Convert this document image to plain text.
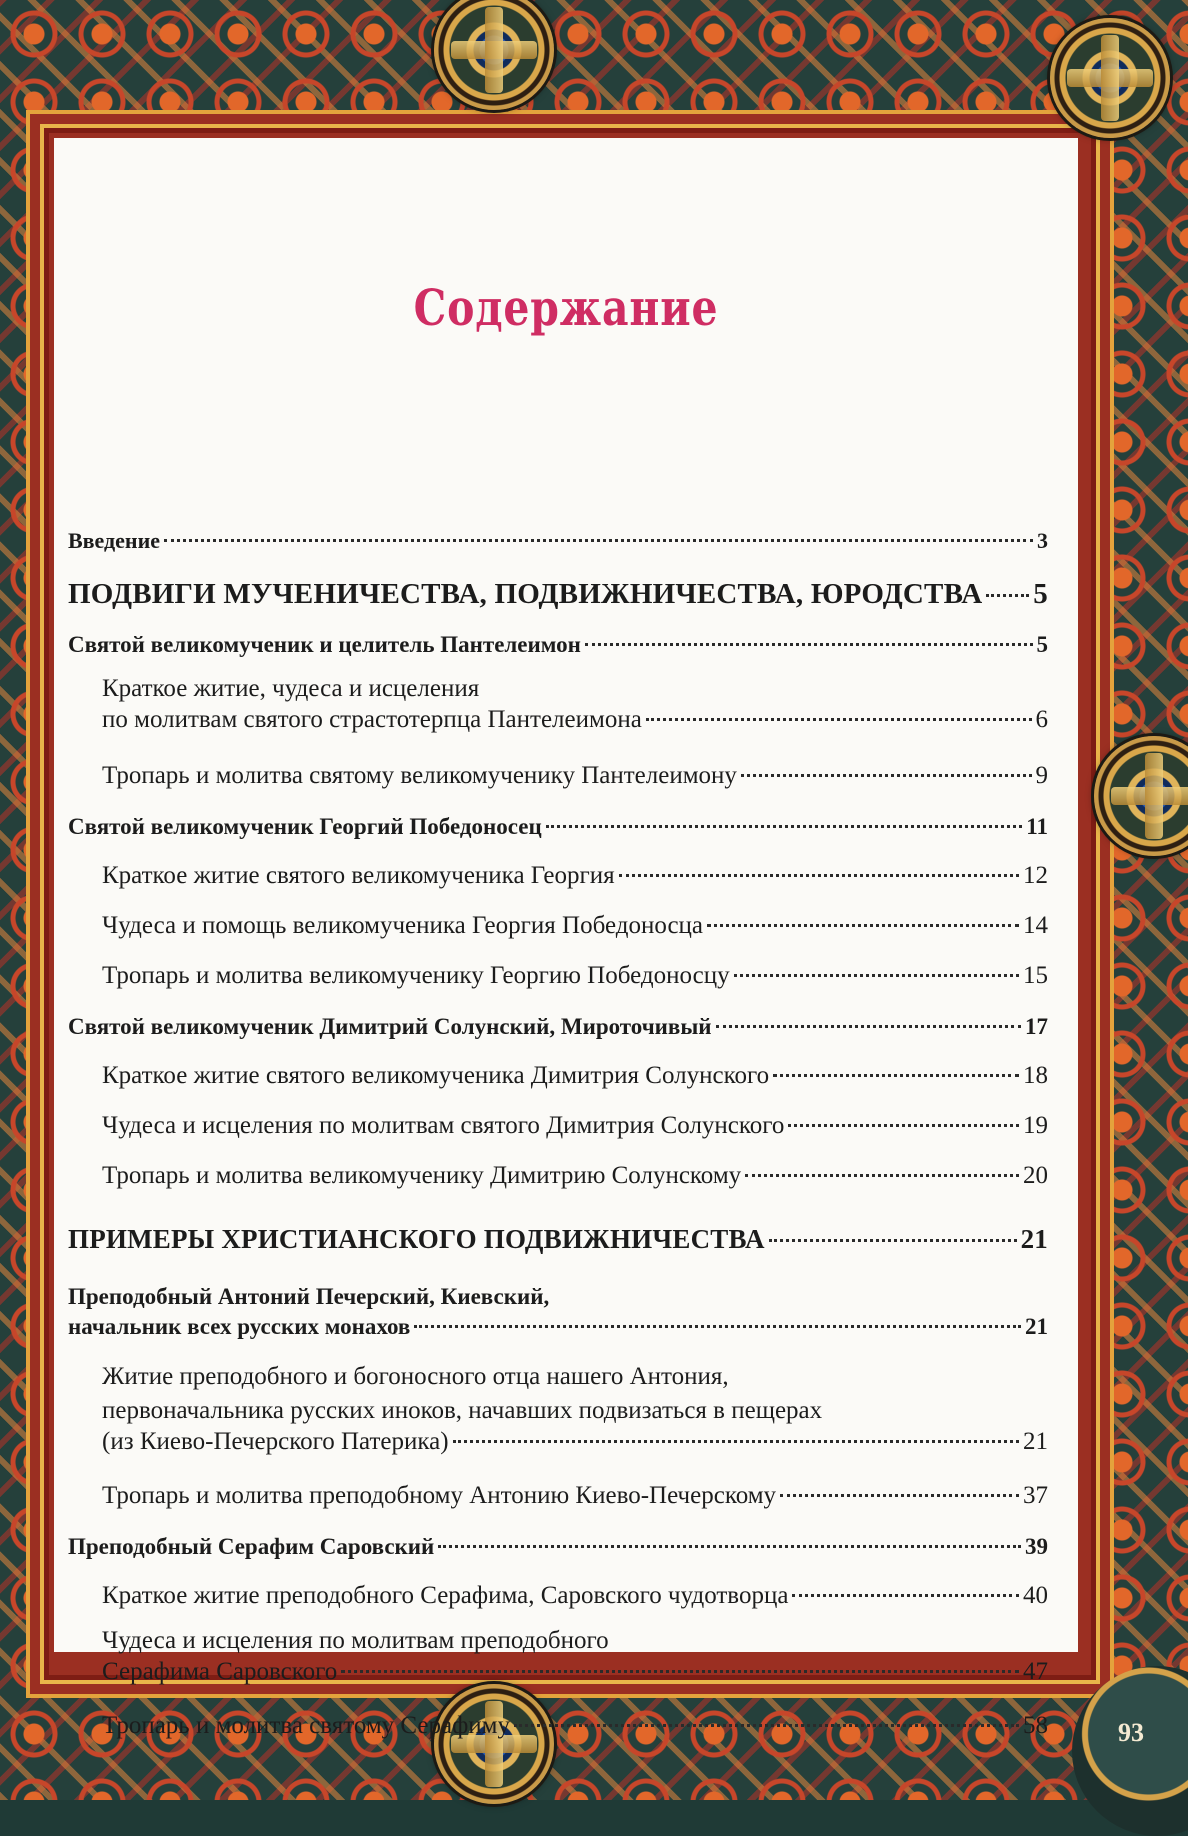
93
Содержание
Введение	3
ПОДВИГИ МУЧЕНИЧЕСТВА, ПОДВИЖНИЧЕСТВА, ЮРОДСТВА 5
Святой великомученик и целитель Пантелеимон	5
Краткое житие, чудеса и исцеления
по молитвам святого страстотерпца Пантелеимона	6
Тропарь и молитва святому великомученику Пантелеимону	9
Святой великомученик Георгий Победоносец	11
Краткое житие святого великомученика Георгия	12
Чудеса и помощь великомученика Георгия Победоносца	14
Тропарь и молитва великомученику Георгию Победоносцу	15
Святой великомученик Димитрий Солунский, Мироточивый	17
Краткое житие святого великомученика Димитрия Солунского	18
Чудеса и исцеления по молитвам святого Димитрия Солунского	19
Тропарь и молитва великомученику Димитрию Солунскому	20
ПРИМЕРЫ ХРИСТИАНСКОГО ПОДВИЖНИЧЕСТВА	21
Преподобный Антоний Печерский, Киевский,
начальник всех русских монахов	21
Житие преподобного и богоносного отца нашего Антония,
первоначальника русских иноков, начавших подвизаться в пещерах
(из Киево-Печерского Патерика)	21
Тропарь и молитва преподобному Антонию Киево-Печерскому	37
Преподобный Серафим Саровский	39
Краткое житие преподобного Серафима, Саровского чудотворца	40
Чудеса и исцеления по молитвам преподобного
Серафима Саровского	47
Тропарь и молитва святому Серафиму	58
